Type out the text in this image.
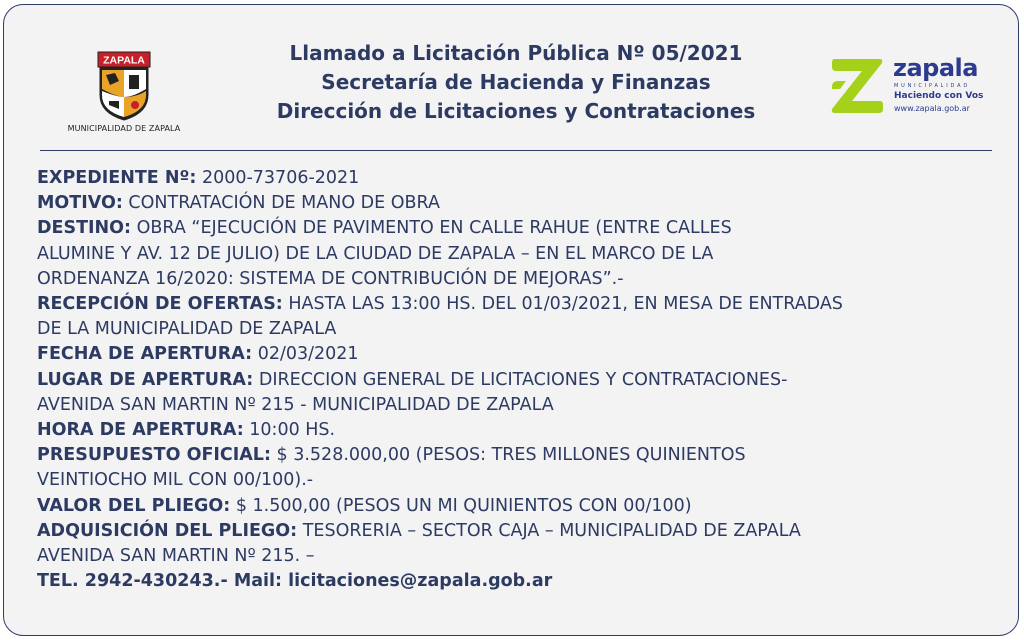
ZAPALA
MUNICIPALIDAD DE ZAPALA
Llamado a Licitación Pública Nº 05/2021
Secretaría de Hacienda y Finanzas
Dirección de Licitaciones y Contrataciones
zapala
MUNICIPALIDAD
Haciendo con Vos
www.zapala.gob.ar
EXPEDIENTE Nº: 2000-73706-2021
MOTIVO: CONTRATACIÓN DE MANO DE OBRA
DESTINO: OBRA “EJECUCIÓN DE PAVIMENTO EN CALLE RAHUE (ENTRE CALLES
ALUMINE Y AV. 12 DE JULIO) DE LA CIUDAD DE ZAPALA – EN EL MARCO DE LA
ORDENANZA 16/2020: SISTEMA DE CONTRIBUCIÓN DE MEJORAS”.-
RECEPCIÓN DE OFERTAS: HASTA LAS 13:00 HS. DEL 01/03/2021, EN MESA DE ENTRADAS
DE LA MUNICIPALIDAD DE ZAPALA
FECHA DE APERTURA: 02/03/2021
LUGAR DE APERTURA: DIRECCION GENERAL DE LICITACIONES Y CONTRATACIONES-
AVENIDA SAN MARTIN Nº 215 - MUNICIPALIDAD DE ZAPALA
HORA DE APERTURA: 10:00 HS.
PRESUPUESTO OFICIAL: $ 3.528.000,00 (PESOS: TRES MILLONES QUINIENTOS
VEINTIOCHO MIL CON 00/100).-
VALOR DEL PLIEGO: $ 1.500,00 (PESOS UN MI QUINIENTOS CON 00/100)
ADQUISICIÓN DEL PLIEGO: TESORERIA – SECTOR CAJA – MUNICIPALIDAD DE ZAPALA
AVENIDA SAN MARTIN Nº 215. –
TEL. 2942-430243.- Mail: licitaciones@zapala.gob.ar
